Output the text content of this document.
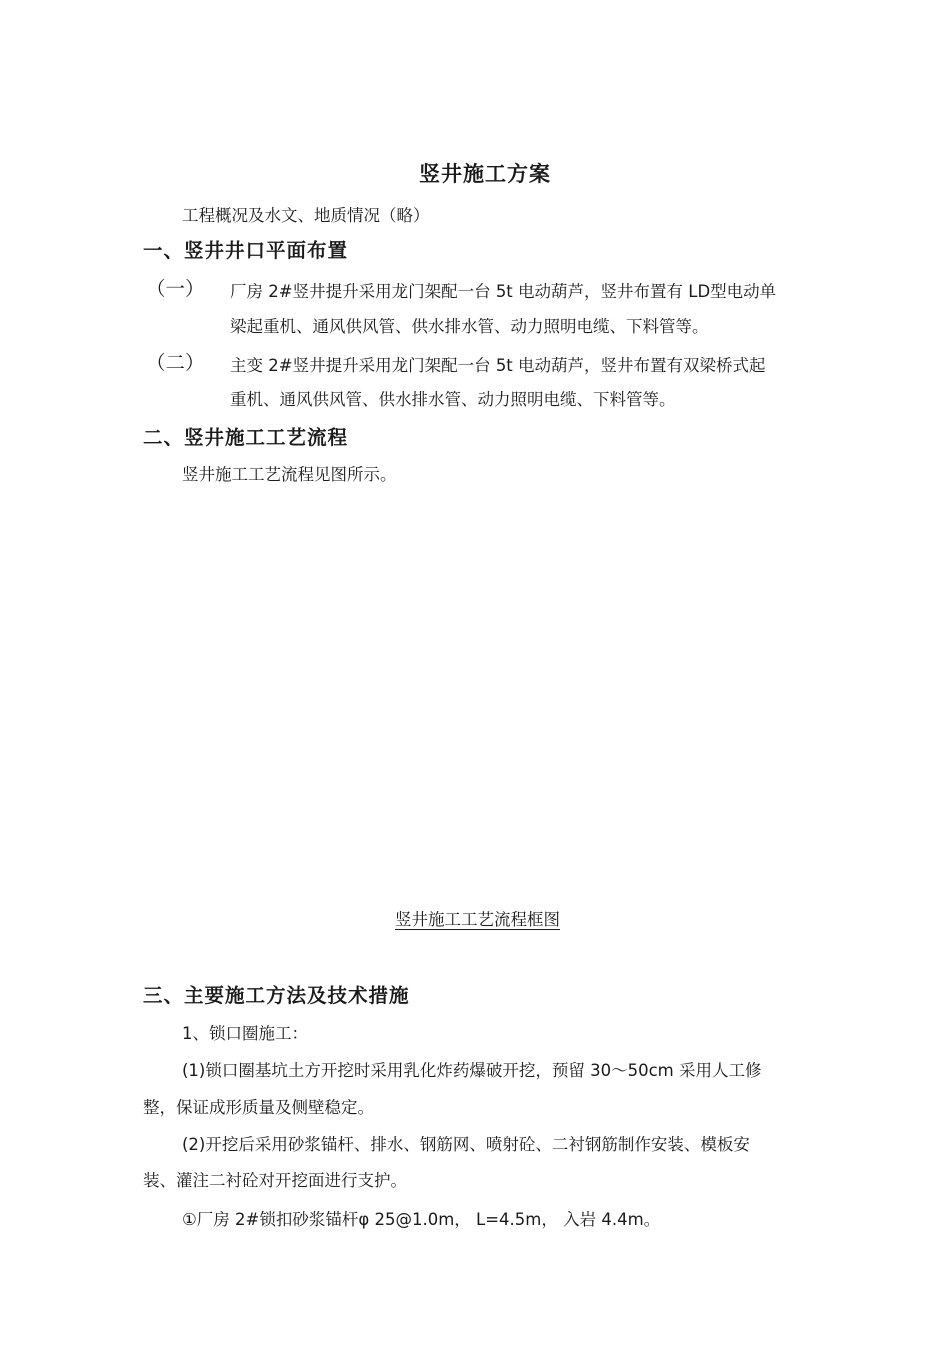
竖井施工方案

工程概况及水文、地质情况（略）

一、竖井井口平面布置
（一） 厂房 2#竖井提升采用龙门架配一台 5t 电动葫芦，竖井布置有 LD型电动单

梁起重机、通风供风管、供水排水管、动力照明电缆、下料管等。

（二） 主变 2#竖井提升采用龙门架配一台 5t 电动葫芦，竖井布置有双梁桥式起

重机、通风供风管、供水排水管、动力照明电缆、下料管等。

二、竖井施工工艺流程

竖井施工工艺流程见图所示。

竖井施工工艺流程框图

三、主要施工方法及技术措施

1、锁口圈施工：

(1)锁口圈基坑土方开挖时采用乳化炸药爆破开挖，预留 30～50cm 采用人工修

整，保证成形质量及侧壁稳定。

(2)开挖后采用砂浆锚杆、排水、钢筋网、喷射砼、二衬钢筋制作安装、模板安

装、灌注二衬砼对开挖面进行支护。

①厂房 2#锁扣砂浆锚杆φ 25@1.0m， L=4.5m， 入岩 4.4m。
